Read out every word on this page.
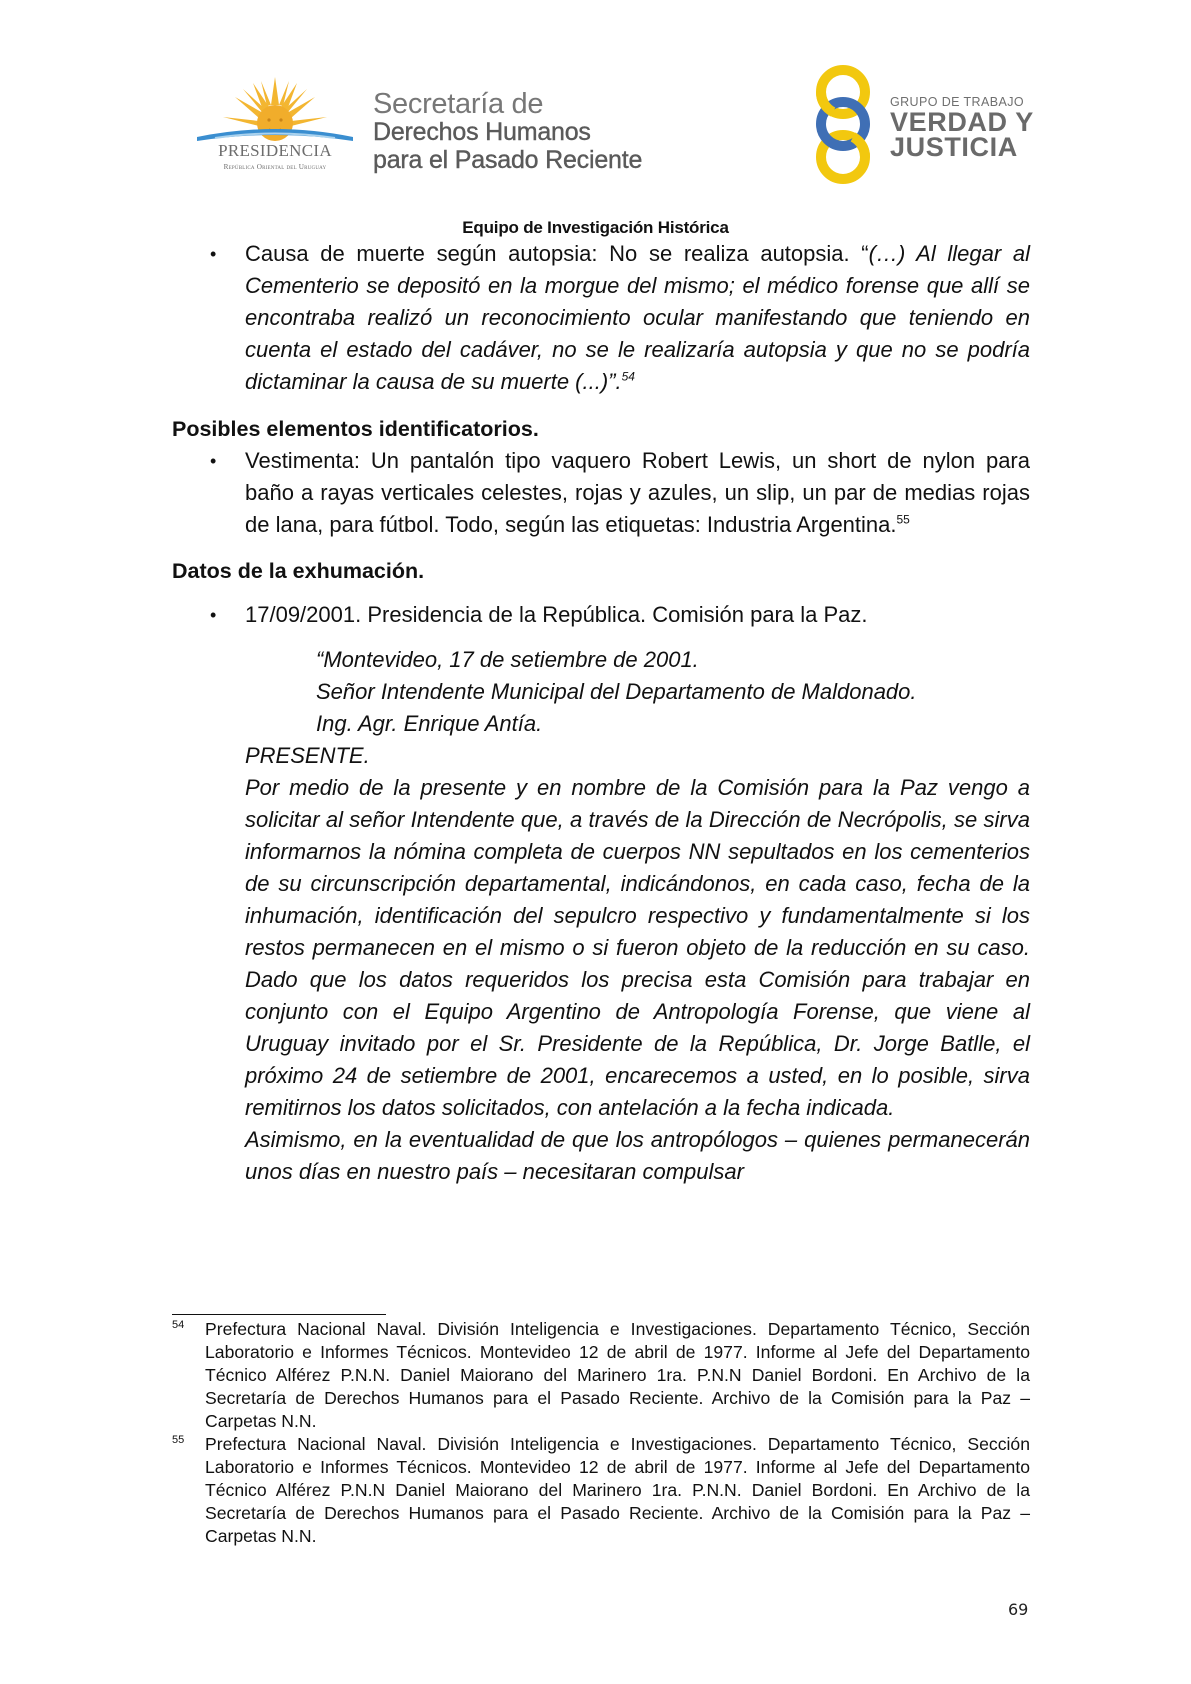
PRESIDENCIA
República Oriental del Uruguay
Secretaría de
Derechos Humanos
para el Pasado Reciente
GRUPO DE TRABAJO
VERDAD Y
JUSTICIA
Equipo de Investigación Histórica
• Causa de muerte según autopsia: No se realiza autopsia. “(…) Al llegar al Cementerio se depositó en la morgue del mismo; el médico forense que allí se encontraba realizó un reconocimiento ocular manifestando que teniendo en cuenta el estado del cadáver, no se le realizaría autopsia y que no se podría dictaminar la causa de su muerte (...)”.$^{54}$
Posibles elementos identificatorios.
• Vestimenta: Un pantalón tipo vaquero Robert Lewis, un short de nylon para baño a rayas verticales celestes, rojas y azules, un slip, un par de medias rojas de lana, para fútbol. Todo, según las etiquetas: Industria Argentina.$^{55}$
Datos de la exhumación.
• 17/09/2001. Presidencia de la República. Comisión para la Paz.
“Montevideo, 17 de setiembre de 2001.
Señor Intendente Municipal del Departamento de Maldonado.
Ing. Agr. Enrique Antía.
PRESENTE.
Por medio de la presente y en nombre de la Comisión para la Paz vengo a solicitar al señor Intendente que, a través de la Dirección de Necrópolis, se sirva informarnos la nómina completa de cuerpos NN sepultados en los cementerios de su circunscripción departamental, indicándonos, en cada caso, fecha de la inhumación, identificación del sepulcro respectivo y fundamentalmente si los restos permanecen en el mismo o si fueron objeto de la reducción en su caso. Dado que los datos requeridos los precisa esta Comisión para trabajar en conjunto con el Equipo Argentino de Antropología Forense, que viene al Uruguay invitado por el Sr. Presidente de la República, Dr. Jorge Batlle, el próximo 24 de setiembre de 2001, encarecemos a usted, en lo posible, sirva remitirnos los datos solicitados, con antelación a la fecha indicada.
Asimismo, en la eventualidad de que los antropólogos – quienes permanecerán unos días en nuestro país – necesitaran compulsar
54 Prefectura Nacional Naval. División Inteligencia e Investigaciones. Departamento Técnico, Sección Laboratorio e Informes Técnicos. Montevideo 12 de abril de 1977. Informe al Jefe del Departamento Técnico Alférez P.N.N. Daniel Maiorano del Marinero 1ra. P.N.N Daniel Bordoni. En Archivo de la Secretaría de Derechos Humanos para el Pasado Reciente. Archivo de la Comisión para la Paz – Carpetas N.N.
55 Prefectura Nacional Naval. División Inteligencia e Investigaciones. Departamento Técnico, Sección Laboratorio e Informes Técnicos. Montevideo 12 de abril de 1977. Informe al Jefe del Departamento Técnico Alférez P.N.N Daniel Maiorano del Marinero 1ra. P.N.N. Daniel Bordoni. En Archivo de la Secretaría de Derechos Humanos para el Pasado Reciente. Archivo de la Comisión para la Paz – Carpetas N.N.
69
